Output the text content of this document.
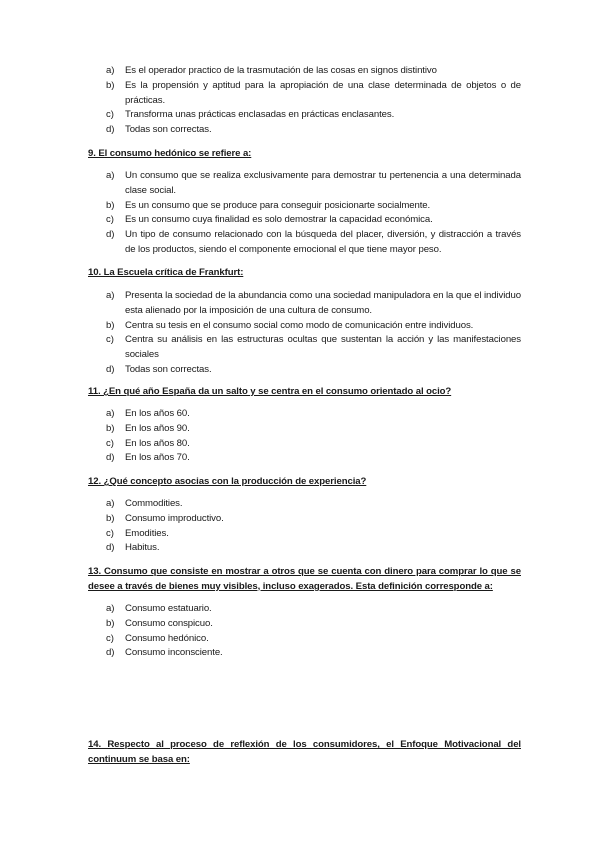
a) Es el operador practico de la trasmutación de las cosas en signos distintivo
b) Es la propensión y aptitud para la apropiación de una clase determinada de objetos o de prácticas.
c) Transforma unas prácticas enclasadas en prácticas enclasantes.
d) Todas son correctas.
9. El consumo hedónico se refiere a:
a) Un consumo que se realiza exclusivamente para demostrar tu pertenencia a una determinada clase social.
b) Es un consumo que se produce para conseguir posicionarte socialmente.
c) Es un consumo cuya finalidad es solo demostrar la capacidad económica.
d) Un tipo de consumo relacionado con la búsqueda del placer, diversión, y distracción a través de los productos, siendo el componente emocional el que tiene mayor peso.
10. La Escuela crítica de Frankfurt:
a) Presenta la sociedad de la abundancia como una sociedad manipuladora en la que el individuo esta alienado por la imposición de una cultura de consumo.
b) Centra su tesis en el consumo social como modo de comunicación entre individuos.
c) Centra su análisis en las estructuras ocultas que sustentan la acción y las manifestaciones sociales
d) Todas son correctas.
11. ¿En qué año España da un salto y se centra en el consumo orientado al ocio?
a) En los años 60.
b) En los años 90.
c) En los años 80.
d) En los años 70.
12. ¿Qué concepto asocias con la producción de experiencia?
a) Commodities.
b) Consumo improductivo.
c) Emodities.
d) Habitus.
13. Consumo que consiste en mostrar a otros que se cuenta con dinero para comprar lo que se desee a través de bienes muy visibles, incluso exagerados. Esta definición corresponde a:
a) Consumo estatuario.
b) Consumo conspicuo.
c) Consumo hedónico.
d) Consumo inconsciente.
14. Respecto al proceso de reflexión de los consumidores, el Enfoque Motivacional del continuum se basa en:
